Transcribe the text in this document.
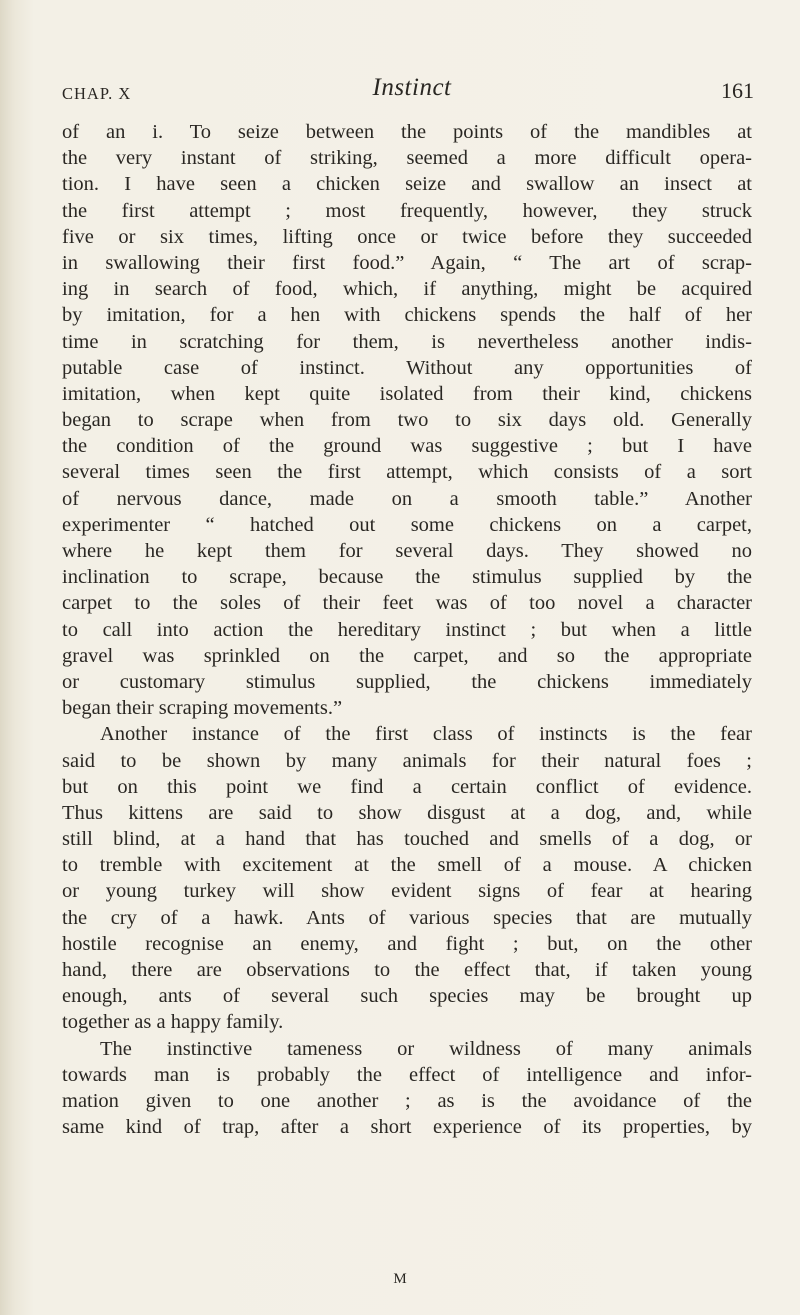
CHAP. X	Instinct	161
of an i. To seize between the points of the mandibles at
the very instant of striking, seemed a more difficult opera-
tion. I have seen a chicken seize and swallow an insect at
the first attempt ; most frequently, however, they struck
five or six times, lifting once or twice before they succeeded
in swallowing their first food.” Again, “ The art of scrap-
ing in search of food, which, if anything, might be acquired
by imitation, for a hen with chickens spends the half of her
time in scratching for them, is nevertheless another indis-
putable case of instinct. Without any opportunities of
imitation, when kept quite isolated from their kind, chickens
began to scrape when from two to six days old. Generally
the condition of the ground was suggestive ; but I have
several times seen the first attempt, which consists of a sort
of nervous dance, made on a smooth table.” Another
experimenter “ hatched out some chickens on a carpet,
where he kept them for several days. They showed no
inclination to scrape, because the stimulus supplied by the
carpet to the soles of their feet was of too novel a character
to call into action the hereditary instinct ; but when a little
gravel was sprinkled on the carpet, and so the appropriate
or customary stimulus supplied, the chickens immediately
began their scraping movements.”
Another instance of the first class of instincts is the fear
said to be shown by many animals for their natural foes ;
but on this point we find a certain conflict of evidence.
Thus kittens are said to show disgust at a dog, and, while
still blind, at a hand that has touched and smells of a dog, or
to tremble with excitement at the smell of a mouse. A chicken
or young turkey will show evident signs of fear at hearing
the cry of a hawk. Ants of various species that are mutually
hostile recognise an enemy, and fight ; but, on the other
hand, there are observations to the effect that, if taken young
enough, ants of several such species may be brought up
together as a happy family.
The instinctive tameness or wildness of many animals
towards man is probably the effect of intelligence and infor-
mation given to one another ; as is the avoidance of the
same kind of trap, after a short experience of its properties, by
M
